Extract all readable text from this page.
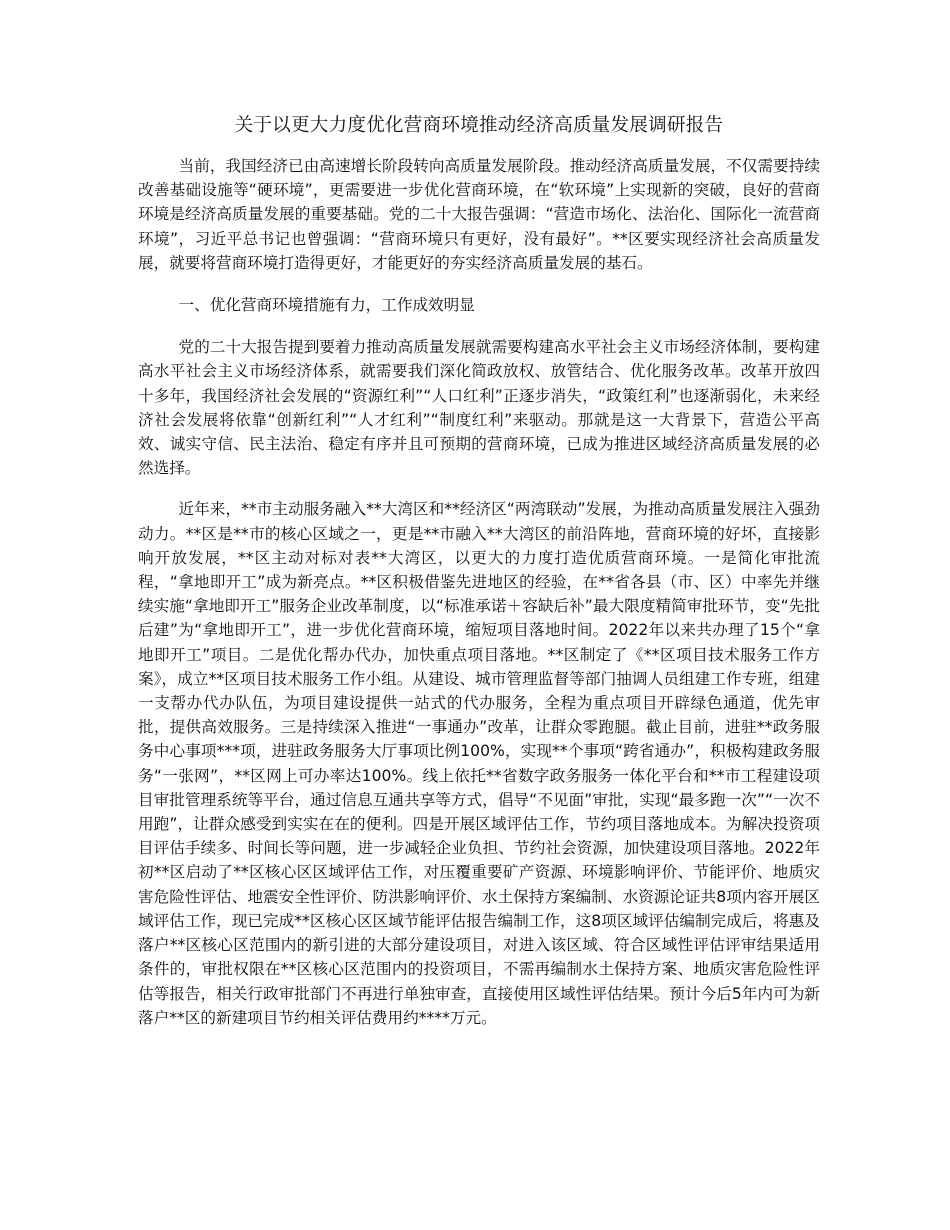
关于以更大力度优化营商环境推动经济高质量发展调研报告

当前，我国经济已由高速增长阶段转向高质量发展阶段。推动经济高质量发展，不仅需要持续改善基础设施等“硬环境”，更需要进一步优化营商环境，在“软环境”上实现新的突破，良好的营商环境是经济高质量发展的重要基础。党的二十大报告强调：“营造市场化、法治化、国际化一流营商环境”，习近平总书记也曾强调：“营商环境只有更好，没有最好”。**区要实现经济社会高质量发展，就要将营商环境打造得更好，才能更好的夯实经济高质量发展的基石。

一、优化营商环境措施有力，工作成效明显

党的二十大报告提到要着力推动高质量发展就需要构建高水平社会主义市场经济体制，要构建高水平社会主义市场经济体系，就需要我们深化简政放权、放管结合、优化服务改革。改革开放四十多年，我国经济社会发展的“资源红利”“人口红利”正逐步消失，“政策红利”也逐渐弱化，未来经济社会发展将依靠“创新红利”“人才红利”“制度红利”来驱动。那就是这一大背景下，营造公平高效、诚实守信、民主法治、稳定有序并且可预期的营商环境，已成为推进区域经济高质量发展的必然选择。

近年来，**市主动服务融入**大湾区和**经济区“两湾联动”发展，为推动高质量发展注入强劲动力。**区是**市的核心区域之一，更是**市融入**大湾区的前沿阵地，营商环境的好坏，直接影响开放发展，**区主动对标对表**大湾区，以更大的力度打造优质营商环境。一是简化审批流程，“拿地即开工”成为新亮点。**区积极借鉴先进地区的经验，在**省各县（市、区）中率先并继续实施“拿地即开工”服务企业改革制度，以“标准承诺＋容缺后补”最大限度精简审批环节，变“先批后建”为“拿地即开工”，进一步优化营商环境，缩短项目落地时间。2022年以来共办理了15个“拿地即开工”项目。二是优化帮办代办，加快重点项目落地。**区制定了《**区项目技术服务工作方案》，成立**区项目技术服务工作小组。从建设、城市管理监督等部门抽调人员组建工作专班，组建一支帮办代办队伍，为项目建设提供一站式的代办服务，全程为重点项目开辟绿色通道，优先审批，提供高效服务。三是持续深入推进“一事通办”改革，让群众零跑腿。截止目前，进驻**政务服务中心事项***项，进驻政务服务大厅事项比例100%，实现**个事项“跨省通办”，积极构建政务服务“一张网”，**区网上可办率达100%。线上依托**省数字政务服务一体化平台和**市工程建设项目审批管理系统等平台，通过信息互通共享等方式，倡导“不见面”审批，实现“最多跑一次”“一次不用跑”，让群众感受到实实在在的便利。四是开展区域评估工作，节约项目落地成本。为解决投资项目评估手续多、时间长等问题，进一步减轻企业负担、节约社会资源，加快建设项目落地。2022年初**区启动了**区核心区区域评估工作，对压覆重要矿产资源、环境影响评价、节能评价、地质灾害危险性评估、地震安全性评价、防洪影响评价、水土保持方案编制、水资源论证共8项内容开展区域评估工作，现已完成**区核心区区域节能评估报告编制工作，这8项区域评估编制完成后，将惠及落户**区核心区范围内的新引进的大部分建设项目，对进入该区域、符合区域性评估评审结果适用条件的，审批权限在**区核心区范围内的投资项目，不需再编制水土保持方案、地质灾害危险性评估等报告，相关行政审批部门不再进行单独审查，直接使用区域性评估结果。预计今后5年内可为新落户**区的新建项目节约相关评估费用约****万元。
